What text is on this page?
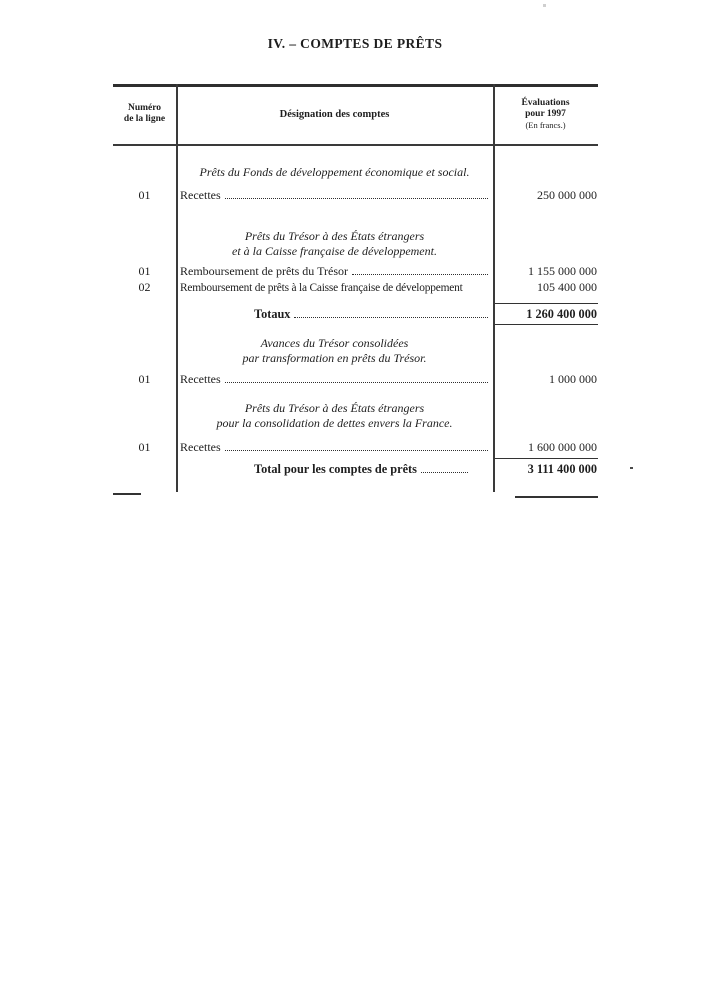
IV. – COMPTES DE PRÊTS
Numéro
de la ligne	Désignation des comptes
Évaluations
pour 1997
(En francs.)
Prêts du Fonds de développement économique et social.
01	Recettes	250 000 000
Prêts du Trésor à des États étrangers
et à la Caisse française de développement.
01	Remboursement de prêts du Trésor	1 155 000 000
02	Remboursement de prêts à la Caisse française de développement	105 400 000
Totaux	1 260 400 000
Avances du Trésor consolidées
par transformation en prêts du Trésor.
01	Recettes	1 000 000
Prêts du Trésor à des États étrangers
pour la consolidation de dettes envers la France.
01	Recettes	1 600 000 000
Total pour les comptes de prêts	3 111 400 000
